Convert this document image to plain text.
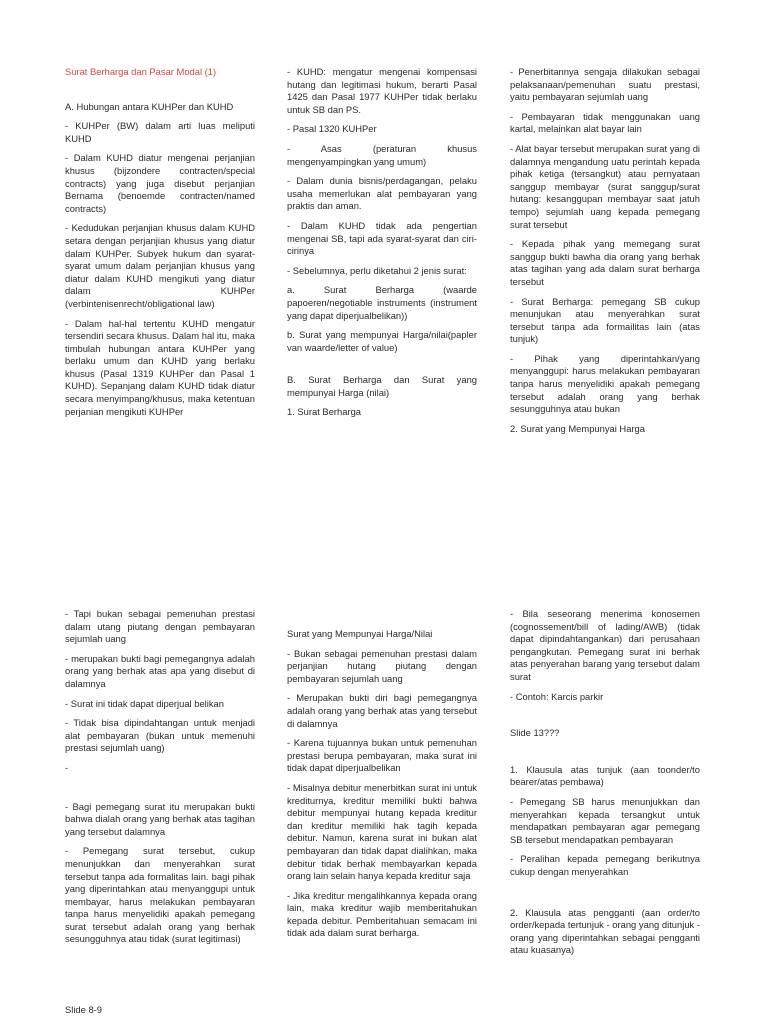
Surat Berharga dan Pasar Modal (1)

A. Hubungan antara KUHPer dan KUHD

- KUHPer (BW) dalam arti luas meliputi KUHD

- Dalam KUHD diatur mengenai perjanjian khusus (bijzondere contracten/special contracts) yang juga disebut perjanjian Bernama (benoemde contracten/named contracts)

- Kedudukan perjanjian khusus dalam KUHD setara dengan perjanjian khusus yang diatur dalam KUHPer. Subyek hukum dan syarat-syarat umum dalam perjanjian khusus yang diatur dalam KUHD mengikuti yang diatur dalam KUHPer (verbintenisenrecht/obligational law)

- Dalam hal-hal tertentu KUHD mengatur tersendiri secara khusus. Dalam hal itu, maka timbulah hubungan antara KUHPer yang berlaku umum dan KUHD yang berlaku khusus (Pasal 1319 KUHPer dan Pasal 1 KUHD). Sepanjang dalam KUHD tidak diatur secara menyimpang/khusus, maka ketentuan perjanian mengikuti KUHPer

- KUHD: mengatur mengenai kompensasi hutang dan legitimasi hukum, berarti Pasal 1425 dan Pasal 1977 KUHPer tidak berlaku untuk SB dan PS.

- Pasal 1320 KUHPer

- Asas (peraturan khusus mengenyampingkan yang umum)

- Dalam dunia bisnis/perdagangan, pelaku usaha memerlukan alat pembayaran yang praktis dan aman.

- Dalam KUHD tidak ada pengertian mengenai SB, tapi ada syarat-syarat dan ciri-cirinya

- Sebelumnya, perlu diketahui 2 jenis surat:

a. Surat Berharga (waarde papoeren/negotiable instruments (instrument yang dapat diperjualbelikan))

b. Surat yang mempunyai Harga/nilai(papler van waarde/letter of value)

B. Surat Berharga dan Surat yang mempunyai Harga (nilai)

1. Surat Berharga

- Penerbitannya sengaja dilakukan sebagai pelaksanaan/pemenuhan suatu prestasi, yaitu pembayaran sejumlah uang

- Pembayaran tidak menggunakan uang kartal, melainkan alat bayar lain

- Alat bayar tersebut merupakan surat yang di dalamnya mengandung uatu perintah kepada pihak ketiga (tersangkut) atau pernyataan sanggup membayar (surat sanggup/surat hutang: kesanggupan membayar saat jatuh tempo) sejumlah uang kepada pemegang surat tersebut

- Kepada pihak yang memegang surat sanggup bukti bawha dia orang yang berhak atas tagihan yang ada dalam surat berharga tersebut

- Surat Berharga: pemegang SB cukup menunjukan atau menyerahkan surat tersebut tanpa ada formailitas lain (atas tunjuk)

- Pihak yang diperintahkan/yang menyanggupi: harus melakukan pembayaran tanpa harus menyelidiki apakah pemegang tersebut adalah orang yang berhak sesungguhnya atau bukan

2. Surat yang Mempunyai Harga

- Tapi bukan sebagai pemenuhan prestasi dalam utang piutang dengan pembayaran sejumlah uang

- merupakan bukti bagi pemegangnya adalah orang yang berhak atas apa yang disebut di dalamnya

- Surat ini tidak dapat diperjual belikan

- Tidak bisa dipindahtangan untuk menjadi alat pembayaran (bukan untuk memenuhi prestasi sejumlah uang)

-

- Bagi pemegang surat itu merupakan bukti bahwa dialah orang yang berhak atas tagihan yang tersebut dalamnya

- Pemegang surat tersebut, cukup menunjukkan dan menyerahkan surat tersebut tanpa ada formalitas lain. bagi pihak yang diperintahkan atau menyanggupi untuk membayar, harus melakukan pembayaran tanpa harus menyelidiki apakah pemegang surat tersebut adalah orang yang berhak sesungguhnya atau tidak (surat legitimasi)

Surat yang Mempunyai Harga/Nilai

- Bukan sebagai pemenuhan prestasi dalam perjanjian hutang piutang dengan pembayaran sejumlah uang

- Merupakan bukti diri bagi pemegangnya adalah orang yang berhak atas yang tersebut di dalamnya

- Karena tujuannya bukan untuk pemenuhan prestasi berupa pembayaran, maka surat ini tidak dapat diperjualbelikan

- Misalnya debitur menerbitkan surat ini untuk krediturnya, kreditur memiliki bukti bahwa debitur mempunyai hutang kepada kreditur dan kreditur memiliki hak tagih kepada debitur. Namun, karena surat ini bukan alat pembayaran dan tidak dapat dialihkan, maka debitur tidak berhak membayarkan kepada orang lain selain hanya kepada kreditur saja

- Jika kreditur mengalihkannya kepada orang lain, maka kreditur wajib memberitahukan kepada debitur. Pemberitahuan semacam ini tidak ada dalam surat berharga.

- Bila seseorang menerima konosemen (cognossement/bill of lading/AWB) (tidak dapat dipindahtangankan) dari perusahaan pengangkutan. Pemegang surat ini berhak atas penyerahan barang yang tersebut dalam surat

- Contoh: Karcis parkir

Slide 13???

1. Klausula atas tunjuk (aan toonder/to bearer/atas pembawa)

- Pemegang SB harus menunjukkan dan menyerahkan kepada tersangkut untuk mendapatkan pembayaran agar pemegang SB tersebut mendapatkan pembayaran

- Peralihan kepada pemegang berikutnya cukup dengan menyerahkan

2. Klausula atas pengganti (aan order/to order/kepada tertunjuk - orang yang ditunjuk - orang yang diperintahkan sebagai pengganti atau kuasanya)

Slide 8-9
